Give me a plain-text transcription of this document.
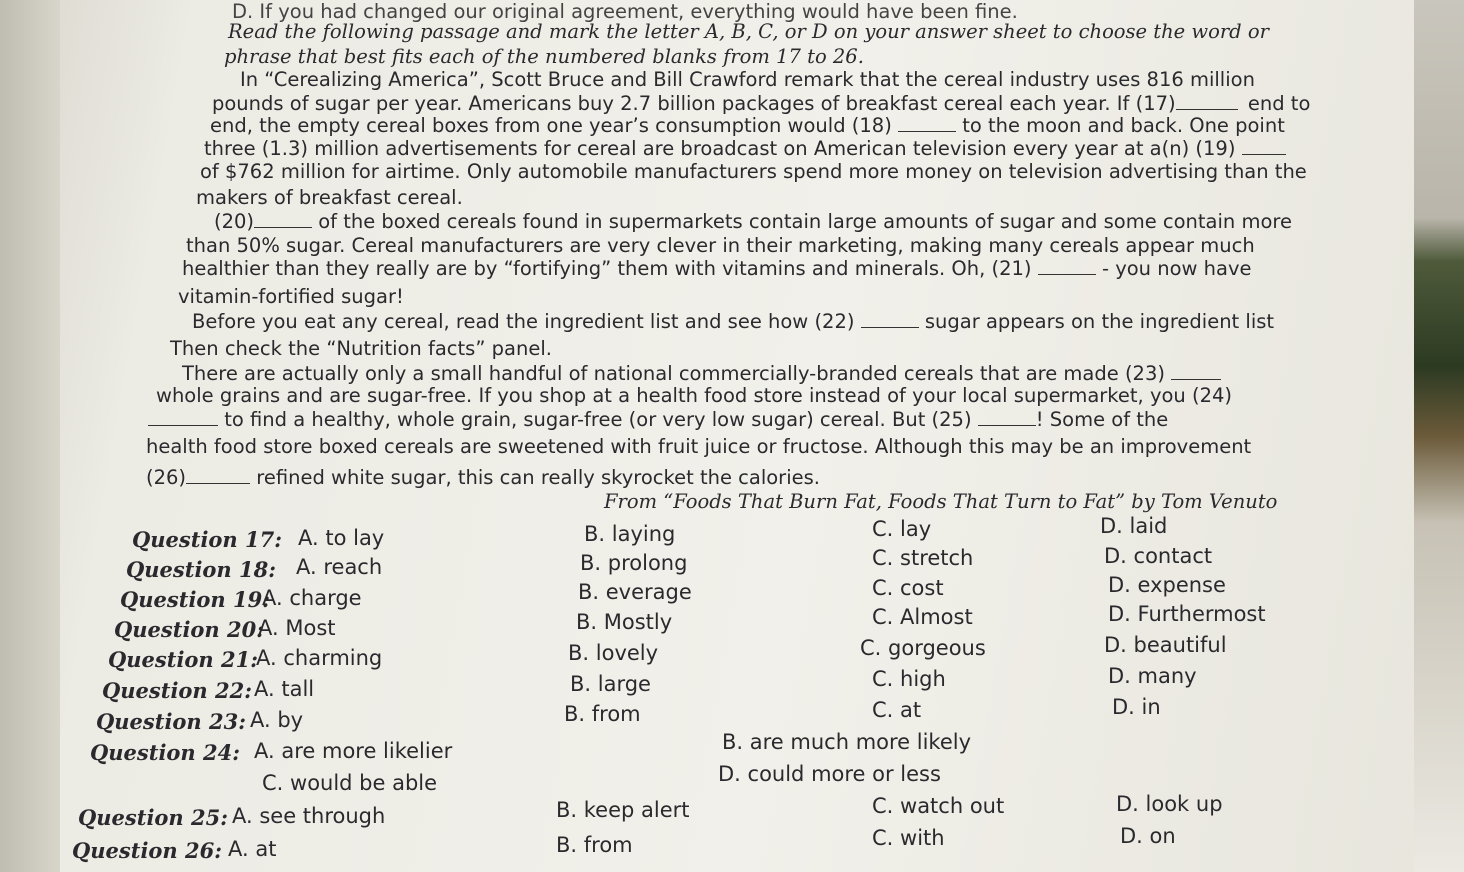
D. If you had changed our original agreement, everything would have been fine.
Read the following passage and mark the letter A, B, C, or D on your answer sheet to choose the word or
phrase that best fits each of the numbered blanks from 17 to 26.
In “Cerealizing America”, Scott Bruce and Bill Crawford remark that the cereal industry uses 816 million
pounds of sugar per year. Americans buy 2.7 billion packages of breakfast cereal each year. If (17)	end to
end, the empty cereal boxes from one year’s consumption would (18)	to the moon and back. One point
three (1.3) million advertisements for cereal are broadcast on American television every year at a(n) (19)
of $762 million for airtime. Only automobile manufacturers spend more money on television advertising than the
makers of breakfast cereal.
(20)	of the boxed cereals found in supermarkets contain large amounts of sugar and some contain more
than 50% sugar. Cereal manufacturers are very clever in their marketing, making many cereals appear much
healthier than they really are by “fortifying” them with vitamins and minerals. Oh, (21)	- you now have
vitamin-fortified sugar!
Before you eat any cereal, read the ingredient list and see how (22)	sugar appears on the ingredient list
Then check the “Nutrition facts” panel.
There are actually only a small handful of national commercially-branded cereals that are made (23)
whole grains and are sugar-free. If you shop at a health food store instead of your local supermarket, you (24)
to find a healthy, whole grain, sugar-free (or very low sugar) cereal. But (25)	! Some of the
health food store boxed cereals are sweetened with fruit juice or fructose. Although this may be an improvement
(26)	refined white sugar, this can really skyrocket the calories.
From “Foods That Burn Fat, Foods That Turn to Fat” by Tom Venuto
Question 17: A. to lay	B. laying	C. lay	D. laid
Question 18: A. reach	B. prolong	C. stretch	D. contact
Question 19:
A. charge	B. everage	C. cost	D. expense
Question 20:
A. Most	B. Mostly	C. Almost	D. Furthermost
Question 21:
A. charming	B. lovely	C. gorgeous	D. beautiful
Question 22: A. tall	B. large	C. high	D. many
Question 23: A. by	B. from	C. at	D. in
Question 24: A. are more likelier	B. are much more likely
C. would be able	D. could more or less
Question 25: A. see through	B. keep alert	C. watch out	D. look up
Question 26: A. at	B. from	C. with	D. on
